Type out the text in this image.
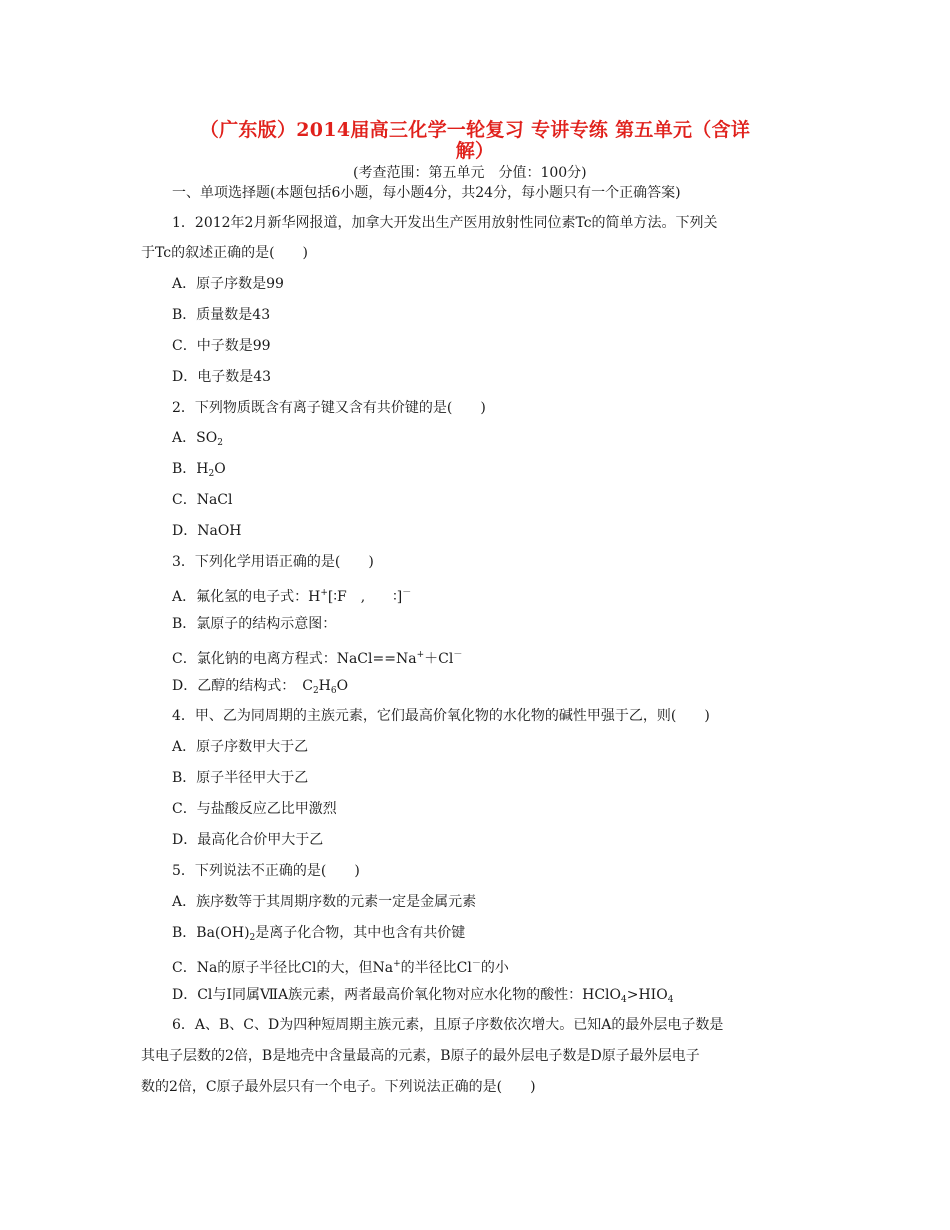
（广东版）2014届高三化学一轮复习 专讲专练 第五单元（含详
解）
(考查范围：第五单元　分值：100分)
一、单项选择题(本题包括6小题，每小题4分，共24分，每小题只有一个正确答案)
1．2012年2月新华网报道，加拿大开发出生产医用放射性同位素Tc的简单方法。下列关
于Tc的叙述正确的是(　　)
A．原子序数是99
B．质量数是43
C．中子数是99
D．电子数是43
2．下列物质既含有离子键又含有共价键的是(　　)
A．$SO_2$
B．$H_2O$
C．NaCl
D．NaOH
3．下列化学用语正确的是(　　)
A．氟化氢的电子式：H+[∶F　,　　∶]－
B．氯原子的结构示意图：
C．氯化钠的电离方程式：NaCl==Na+＋Cl－
D．乙醇的结构式：　$C_2H_6O$
4．甲、乙为同周期的主族元素，它们最高价氧化物的水化物的碱性甲强于乙，则(　　)
A．原子序数甲大于乙
B．原子半径甲大于乙
C．与盐酸反应乙比甲激烈
D．最高化合价甲大于乙
5．下列说法不正确的是(　　)
A．族序数等于其周期序数的元素一定是金属元素
B．$Ba(OH)_2$是离子化合物，其中也含有共价键
C．Na的原子半径比Cl的大，但Na+的半径比Cl－的小
D．Cl与I同属ⅦA族元素，两者最高价氧化物对应水化物的酸性：$HClO_4>HIO_4$
6．A、B、C、D为四种短周期主族元素，且原子序数依次增大。已知A的最外层电子数是
其电子层数的2倍，B是地壳中含量最高的元素，B原子的最外层电子数是D原子最外层电子
数的2倍，C原子最外层只有一个电子。下列说法正确的是(　　)
